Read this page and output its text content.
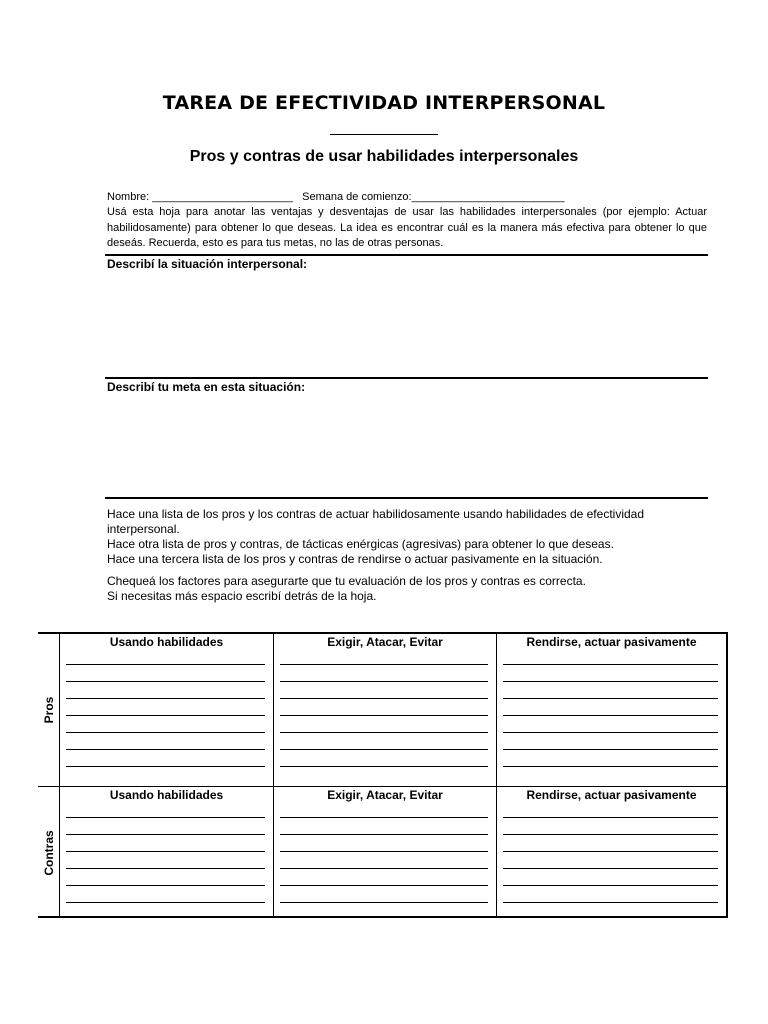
TAREA DE EFECTIVIDAD INTERPERSONAL
Pros y contras de usar habilidades interpersonales
Nombre: _______________________ Semana de comienzo:_________________________
Usá esta hoja para anotar las ventajas y desventajas de usar las habilidades interpersonales (por ejemplo: Actuar habilidosamente) para obtener lo que deseas. La idea es encontrar cuál es la manera más efectiva para obtener lo que deseás. Recuerda, esto es para tus metas, no las de otras personas.
Describí la situación interpersonal:
Describí tu meta en esta situación:

Hace una lista de los pros y los contras de actuar habilidosamente usando habilidades de efectividad interpersonal.

Hace otra lista de pros y contras, de tácticas enérgicas (agresivas) para obtener lo que deseas.

Hace una tercera lista de los pros y contras de rendirse o actuar pasivamente en la situación.

Chequeá los factores para asegurarte que tu evaluación de los pros y contras es correcta.

Si necesitas más espacio escribí detrás de la hoja.

Pros
Usando habilidades	Exigir, Atacar, Evitar	Rendirse, actuar pasivamente
Contras
Usando habilidades	Exigir, Atacar, Evitar	Rendirse, actuar pasivamente
